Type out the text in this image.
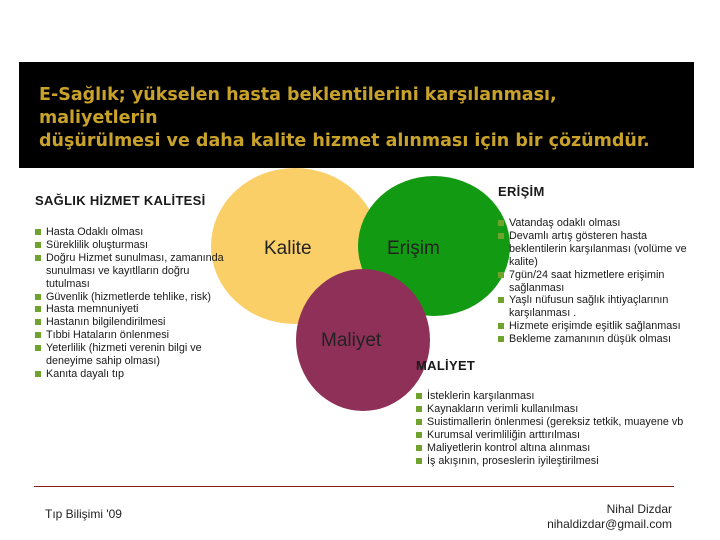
E-Sağlık; yükselen hasta beklentilerini karşılanması, maliyetlerin
düşürülmesi ve daha kalite hizmet alınması için bir çözümdür.

Kalite	Erişim
Maliyet
SAĞLIK HİZMET KALİTESİ
Hasta Odaklı olması
Süreklilik oluşturması
Doğru Hizmet sunulması, zamanında sunulması ve kayıtlların doğru tutulması
Güvenlik (hizmetlerde tehlike, risk)
Hasta memnuniyeti
Hastanın bilgilendirilmesi
Tıbbi Hataların önlenmesi
Yeterlilik (hizmeti verenin bilgi ve deneyime sahip olması)
Kanıta dayalı tıp
ERİŞİM
Vatandaş odaklı olması
Devamlı artış gösteren hasta beklentilerin karşılanması (volüme ve kalite)
7gün/24 saat hizmetlere erişimin sağlanması
Yaşlı nüfusun sağlık ihtiyaçlarının karşılanması .
Hizmete erişimde eşitlik sağlanması
Bekleme zamanının düşük olması
MALİYET
İsteklerin karşılanması
Kaynakların verimli kullanılması
Suistimallerin önlenmesi (gereksiz tetkik, muayene vb
Kurumsal verimliliğin arttırılması
Maliyetlerin kontrol altına alınması
İş akışının, proseslerin iyileştirilmesi
Tıp Bilişimi '09	Nihal Dizdar
nihaldizdar@gmail.com
